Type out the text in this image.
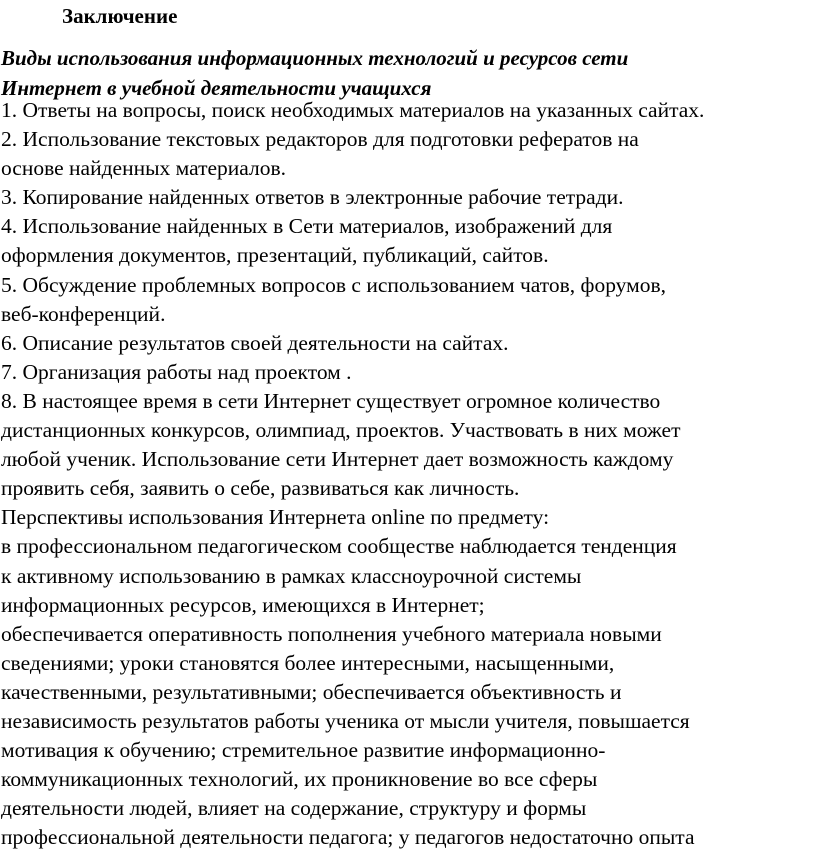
Заключение
Виды использования информационных технологий и ресурсов сети
Интернет в учебной деятельности учащихся
1. Ответы на вопросы, поиск необходимых материалов на указанных сайтах.
2. Использование текстовых редакторов для подготовки рефератов на
основе найденных материалов.
3. Копирование найденных ответов в электронные рабочие тетради.
4. Использование найденных в Сети материалов, изображений для
оформления документов, презентаций, публикаций, сайтов.
5. Обсуждение проблемных вопросов с использованием чатов, форумов,
веб-конференций.
6. Описание результатов своей деятельности на сайтах.
7. Организация работы над проектом .
8. В настоящее время в сети Интернет существует огромное количество
дистанционных конкурсов, олимпиад, проектов. Участвовать в них может
любой ученик. Использование сети Интернет дает возможность каждому
проявить себя, заявить о себе, развиваться как личность.
Перспективы использования Интернета online по предмету:
в профессиональном педагогическом сообществе наблюдается тенденция
к активному использованию в рамках классноурочной системы
информационных ресурсов, имеющихся в Интернет;
обеспечивается оперативность пополнения учебного материала новыми
сведениями; уроки становятся более интересными, насыщенными,
качественными, результативными; обеспечивается объективность и
независимость результатов работы ученика от мысли учителя, повышается
мотивация к обучению; стремительное развитие информационно-
коммуникационных технологий, их проникновение во все сферы
деятельности людей, влияет на содержание, структуру и формы
профессиональной деятельности педагога; у педагогов недостаточно опыта
